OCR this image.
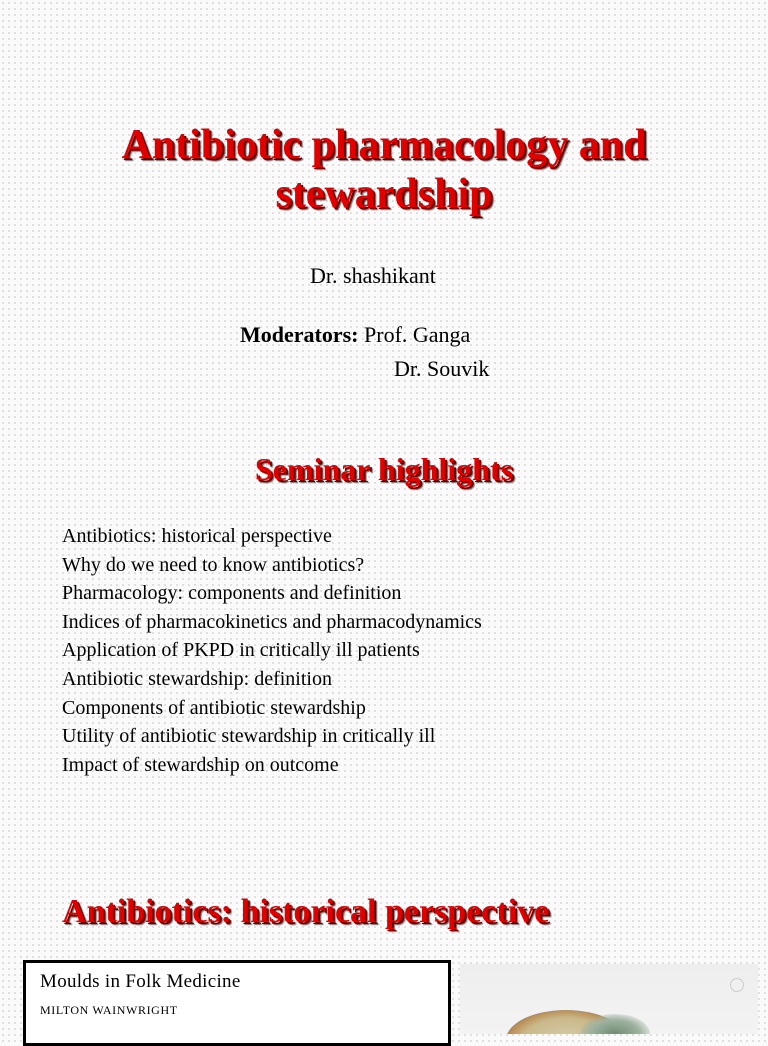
Antibiotic pharmacology and
stewardship
Dr. shashikant
Moderators: Prof. Ganga
Dr. Souvik
Seminar highlights
Antibiotics: historical perspective
Why do we need to know antibiotics?
Pharmacology: components and definition
Indices of pharmacokinetics and pharmacodynamics
Application of PKPD in critically ill patients
Antibiotic stewardship: definition
Components of antibiotic stewardship
Utility of antibiotic stewardship in critically ill
Impact of stewardship on outcome
Antibiotics: historical perspective
Moulds in Folk Medicine
MILTON WAINWRIGHT
